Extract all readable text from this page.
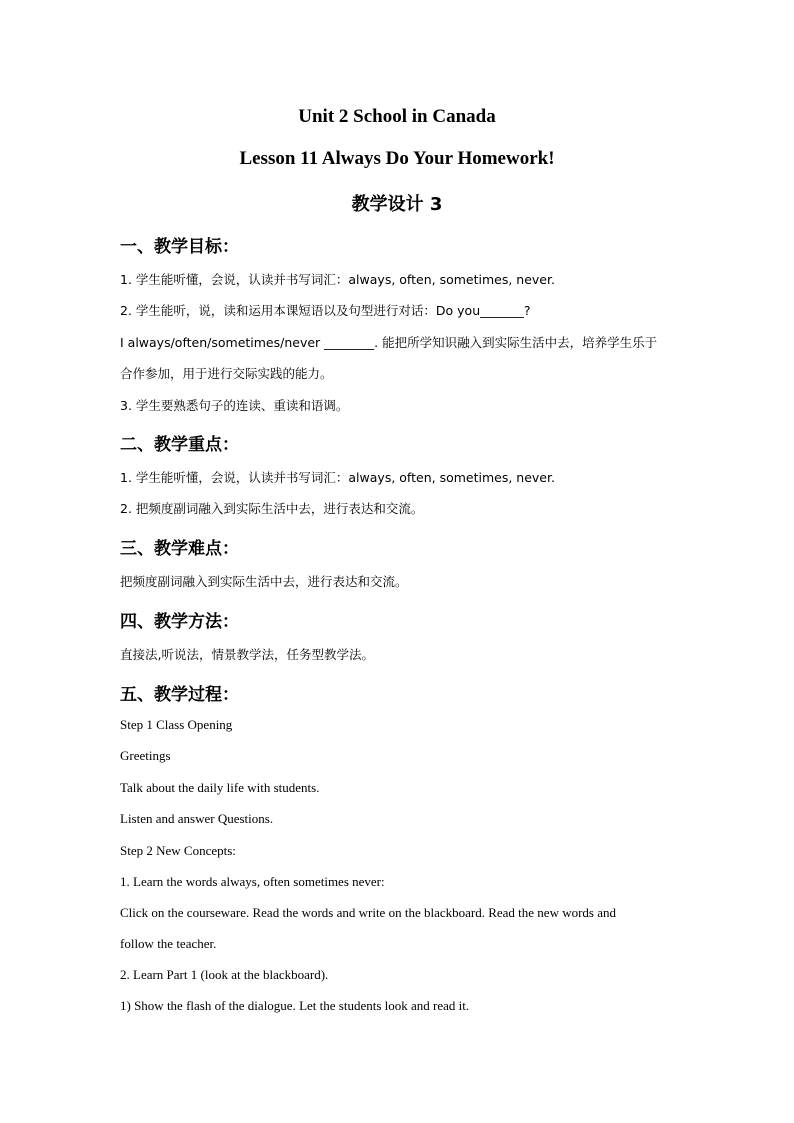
Unit 2 School in Canada
Lesson 11 Always Do Your Homework!
教学设计 3
一、教学目标：
1. 学生能听懂，会说，认读并书写词汇：always, often, sometimes, never.
2. 学生能听，说，读和运用本课短语以及句型进行对话：Do you_______?
I always/often/sometimes/never ________. 能把所学知识融入到实际生活中去，培养学生乐于
合作参加，用于进行交际实践的能力。
3. 学生要熟悉句子的连读、重读和语调。
二、教学重点：
1. 学生能听懂，会说，认读并书写词汇：always, often, sometimes, never.
2. 把频度副词融入到实际生活中去，进行表达和交流。
三、教学难点：
把频度副词融入到实际生活中去，进行表达和交流。
四、教学方法：
直接法,听说法，情景教学法，任务型教学法。
五、教学过程：
Step 1 Class Opening
Greetings
Talk about the daily life with students.
Listen and answer Questions.
Step 2 New Concepts:
1. Learn the words always, often sometimes never:
Click on the courseware. Read the words and write on the blackboard. Read the new words and
follow the teacher.
2. Learn Part 1 (look at the blackboard).
1) Show the flash of the dialogue. Let the students look and read it.
